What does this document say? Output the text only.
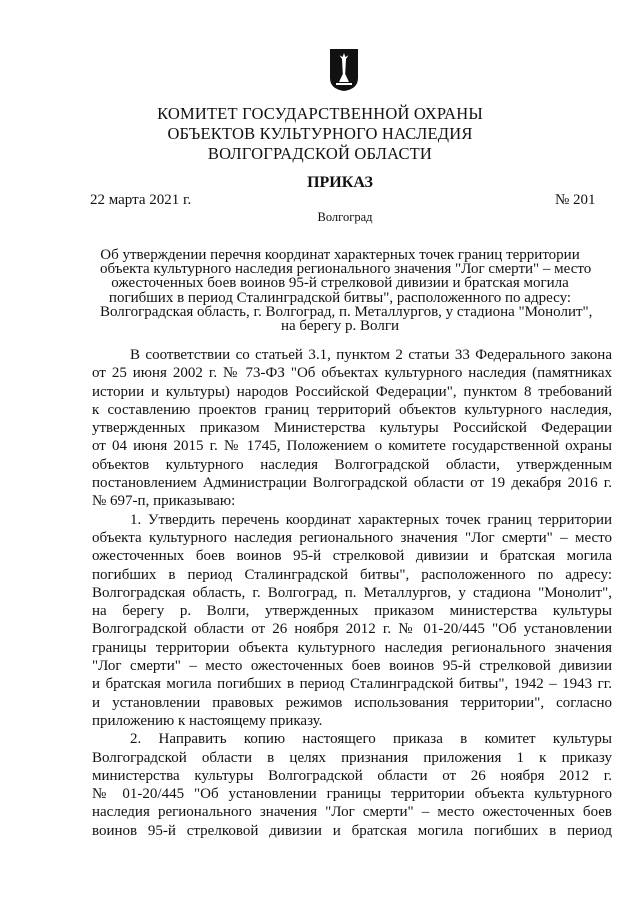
КОМИТЕТ ГОСУДАРСТВЕННОЙ ОХРАНЫ
ОБЪЕКТОВ КУЛЬТУРНОГО НАСЛЕДИЯ
ВОЛГОГРАДСКОЙ ОБЛАСТИ
ПРИКАЗ
22 марта 2021 г.	№ 201
Волгоград
Об утверждении перечня координат характерных точек границ территории
объекта культурного наследия регионального значения "Лог смерти" – место
ожесточенных боев воинов 95-й стрелковой дивизии и братская могила
погибших в период Сталинградской битвы", расположенного по адресу:
Волгоградская область, г. Волгоград, п. Металлургов, у стадиона "Монолит",
на берегу р. Волги
В соответствии со статьей 3.1, пунктом 2 статьи 33 Федерального закона
от 25 июня 2002 г. № 73-ФЗ "Об объектах культурного наследия (памятниках
истории и культуры) народов Российской Федерации", пунктом 8 требований
к составлению проектов границ территорий объектов культурного наследия,
утвержденных приказом Министерства культуры Российской Федерации
от 04 июня 2015 г. № 1745, Положением о комитете государственной охраны
объектов культурного наследия Волгоградской области, утвержденным
постановлением Администрации Волгоградской области от 19 декабря 2016 г.
№ 697-п, приказываю:
1. Утвердить перечень координат характерных точек границ территории
объекта культурного наследия регионального значения "Лог смерти" – место
ожесточенных боев воинов 95-й стрелковой дивизии и братская могила
погибших в период Сталинградской битвы", расположенного по адресу:
Волгоградская область, г. Волгоград, п. Металлургов, у стадиона "Монолит",
на берегу р. Волги, утвержденных приказом министерства культуры
Волгоградской области от 26 ноября 2012 г. № 01-20/445 "Об установлении
границы территории объекта культурного наследия регионального значения
"Лог смерти" – место ожесточенных боев воинов 95-й стрелковой дивизии
и братская могила погибших в период Сталинградской битвы", 1942 – 1943 гг.
и установлении правовых режимов использования территории", согласно
приложению к настоящему приказу.
2. Направить копию настоящего приказа в комитет культуры
Волгоградской области в целях признания приложения 1 к приказу
министерства культуры Волгоградской области от 26 ноября 2012 г.
№ 01-20/445 "Об установлении границы территории объекта культурного
наследия регионального значения "Лог смерти" – место ожесточенных боев
воинов 95-й стрелковой дивизии и братская могила погибших в период
